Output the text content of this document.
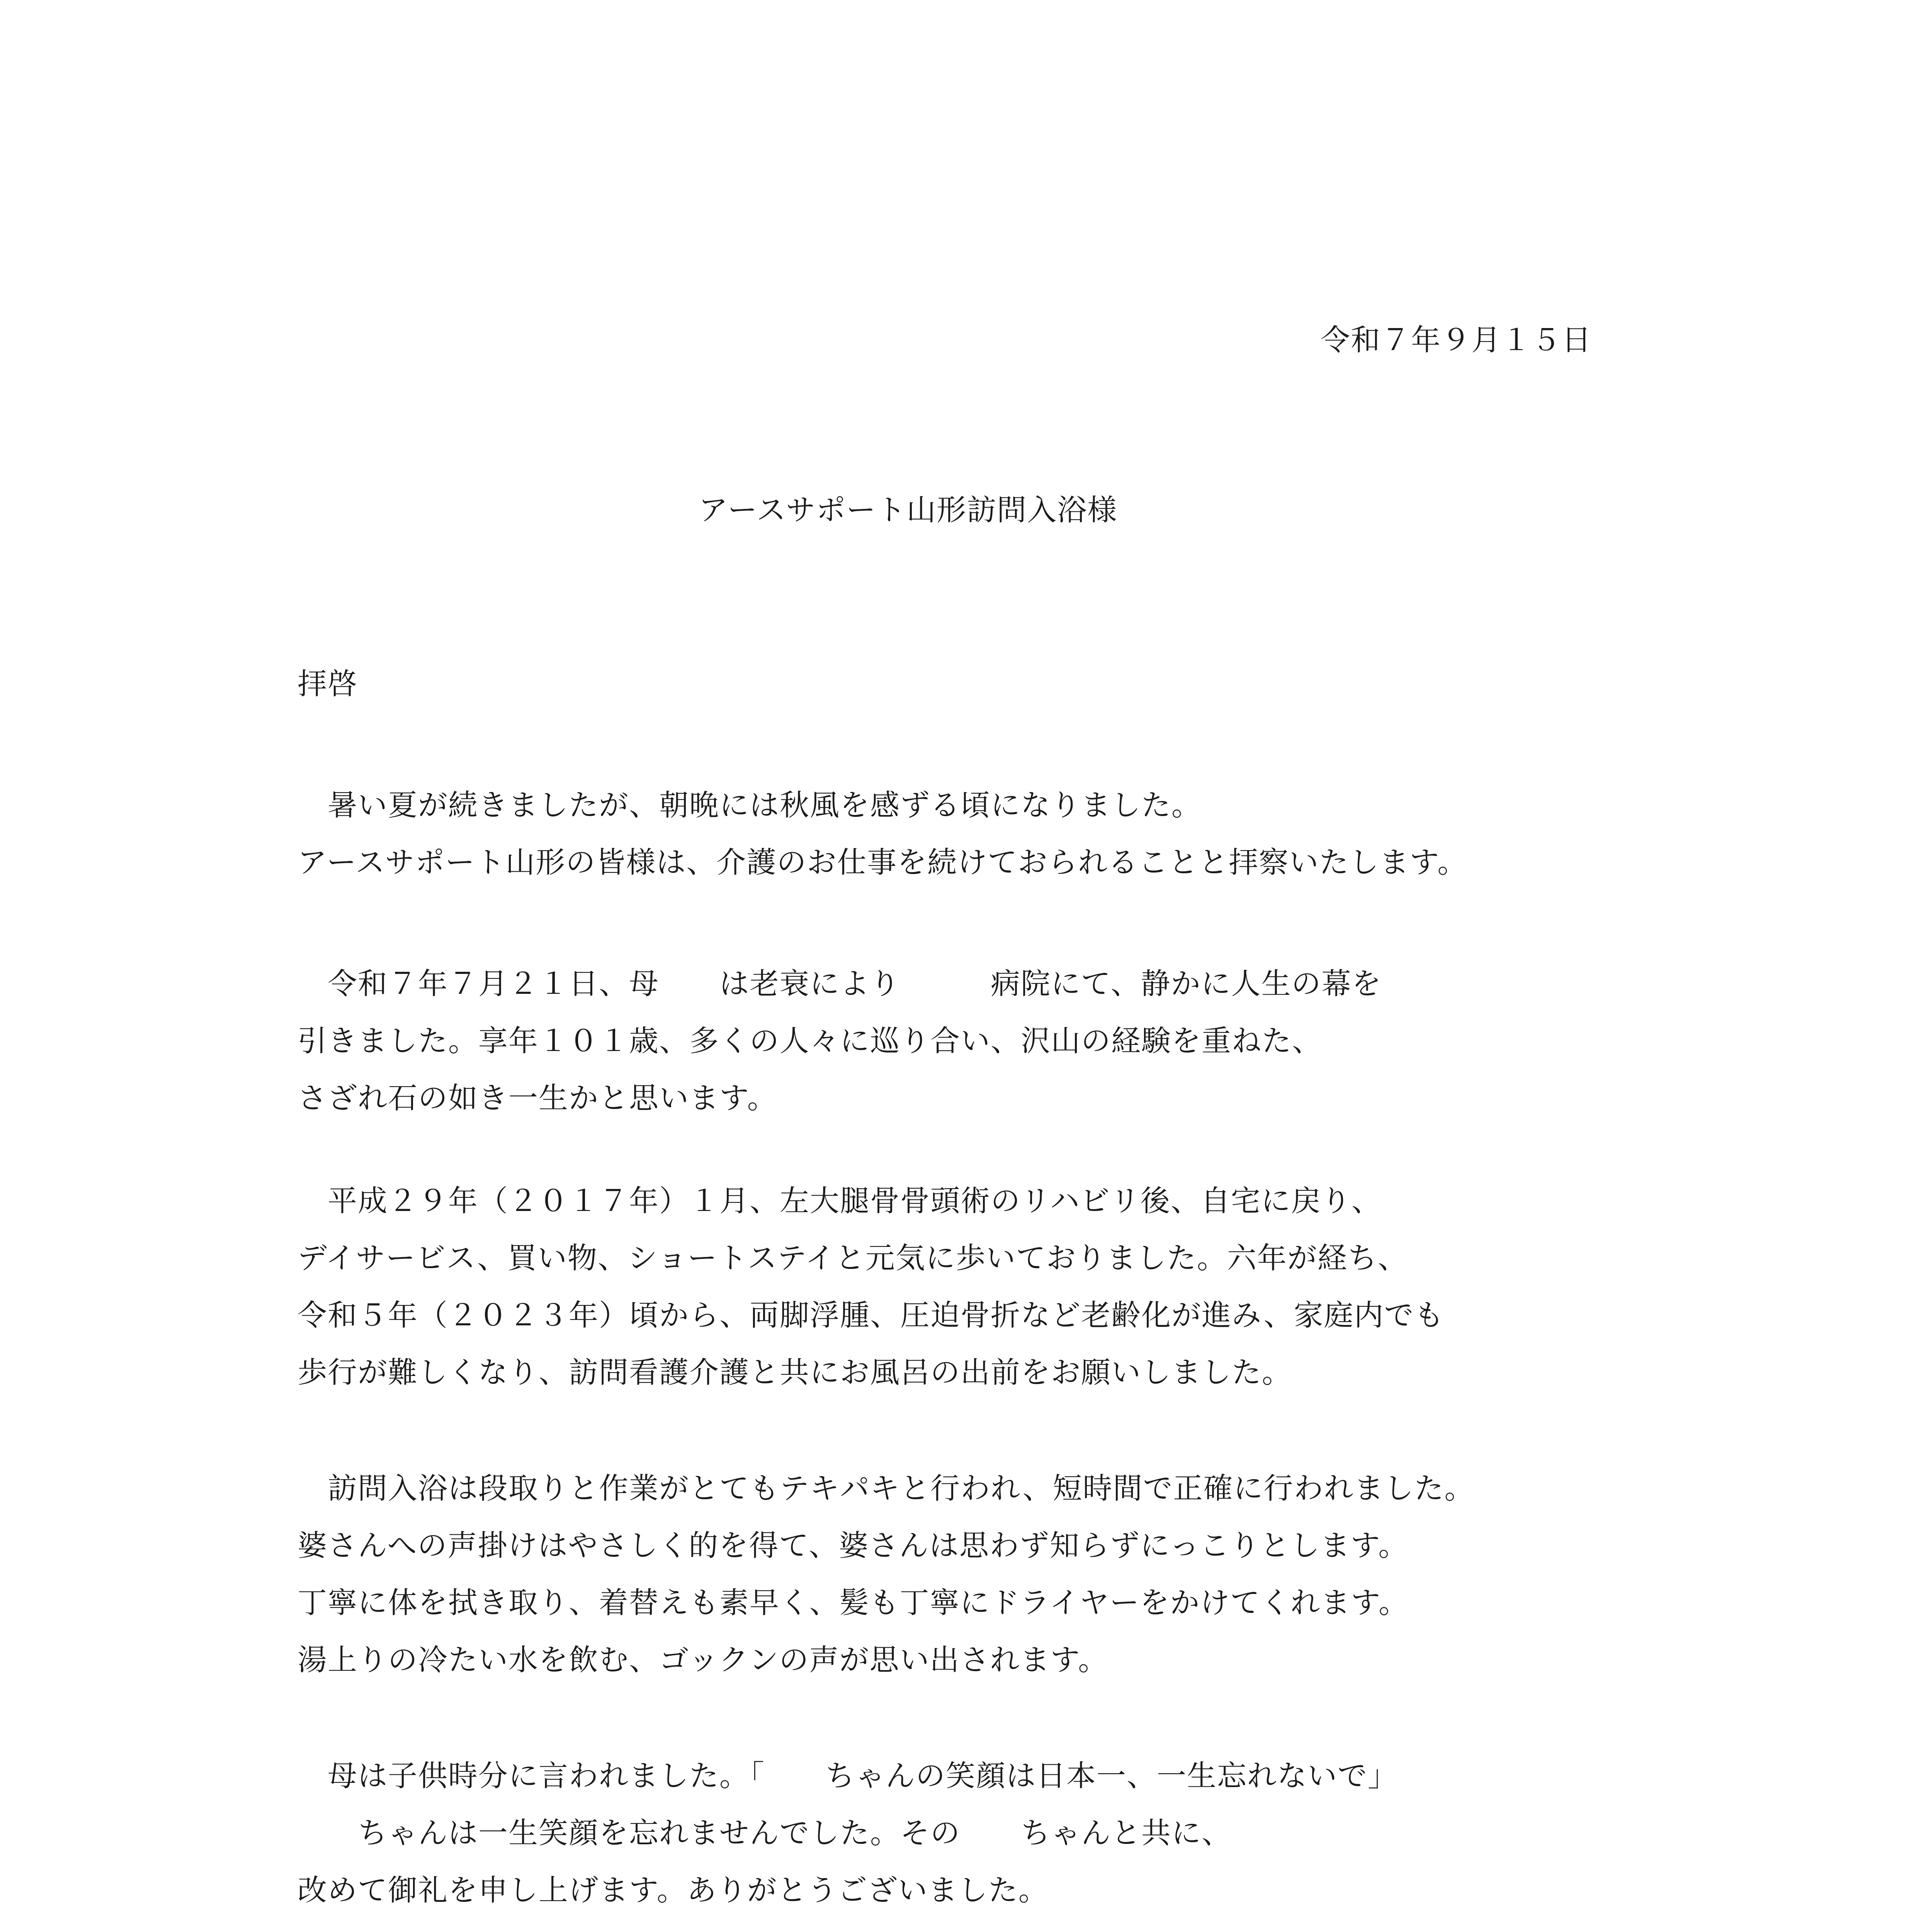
令和７年９月１５日
アースサポート山形訪問入浴様
拝啓
　暑い夏が続きましたが、朝晩には秋風を感ずる頃になりました。
アースサポート山形の皆様は、介護のお仕事を続けておられることと拝察いたします。
　令和７年７月２１日、母　　は老衰により　　　病院にて、静かに人生の幕を
引きました。享年１０１歳、多くの人々に巡り合い、沢山の経験を重ねた、
さざれ石の如き一生かと思います。
　平成２９年（２０１７年）１月、左大腿骨骨頭術のリハビリ後、自宅に戻り、
デイサービス、買い物、ショートステイと元気に歩いておりました。六年が経ち、
令和５年（２０２３年）頃から、両脚浮腫、圧迫骨折など老齢化が進み、家庭内でも
歩行が難しくなり、訪問看護介護と共にお風呂の出前をお願いしました。
　訪問入浴は段取りと作業がとてもテキパキと行われ、短時間で正確に行われました。
婆さんへの声掛けはやさしく的を得て、婆さんは思わず知らずにっこりとします。
丁寧に体を拭き取り、着替えも素早く、髪も丁寧にドライヤーをかけてくれます。
湯上りの冷たい水を飲む、ゴックンの声が思い出されます。
　母は子供時分に言われました。「　　ちゃんの笑顔は日本一、一生忘れないで」
　　ちゃんは一生笑顔を忘れませんでした。その　　ちゃんと共に、
改めて御礼を申し上げます。ありがとうございました。
